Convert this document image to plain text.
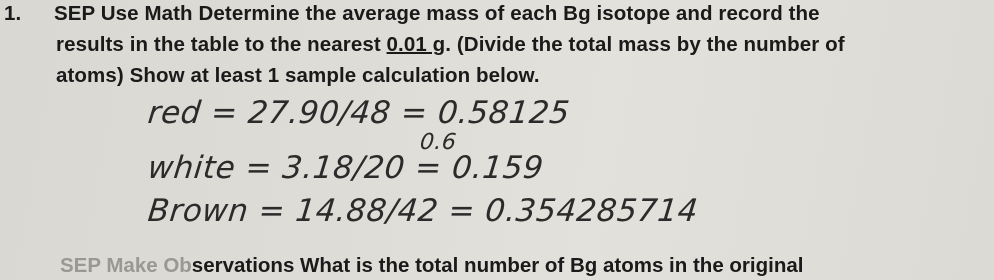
1. SEP Use Math Determine the average mass of each Bg isotope and record the
results in the table to the nearest 0.01 g. (Divide the total mass by the number of
atoms) Show at least 1 sample calculation below.
red = 27.90/48 = 0.58125
0.6
white = 3.18/20 = 0.159
Brown = 14.88/42 = 0.354285714
SEP Make Observations What is the total number of Bg atoms in the original
